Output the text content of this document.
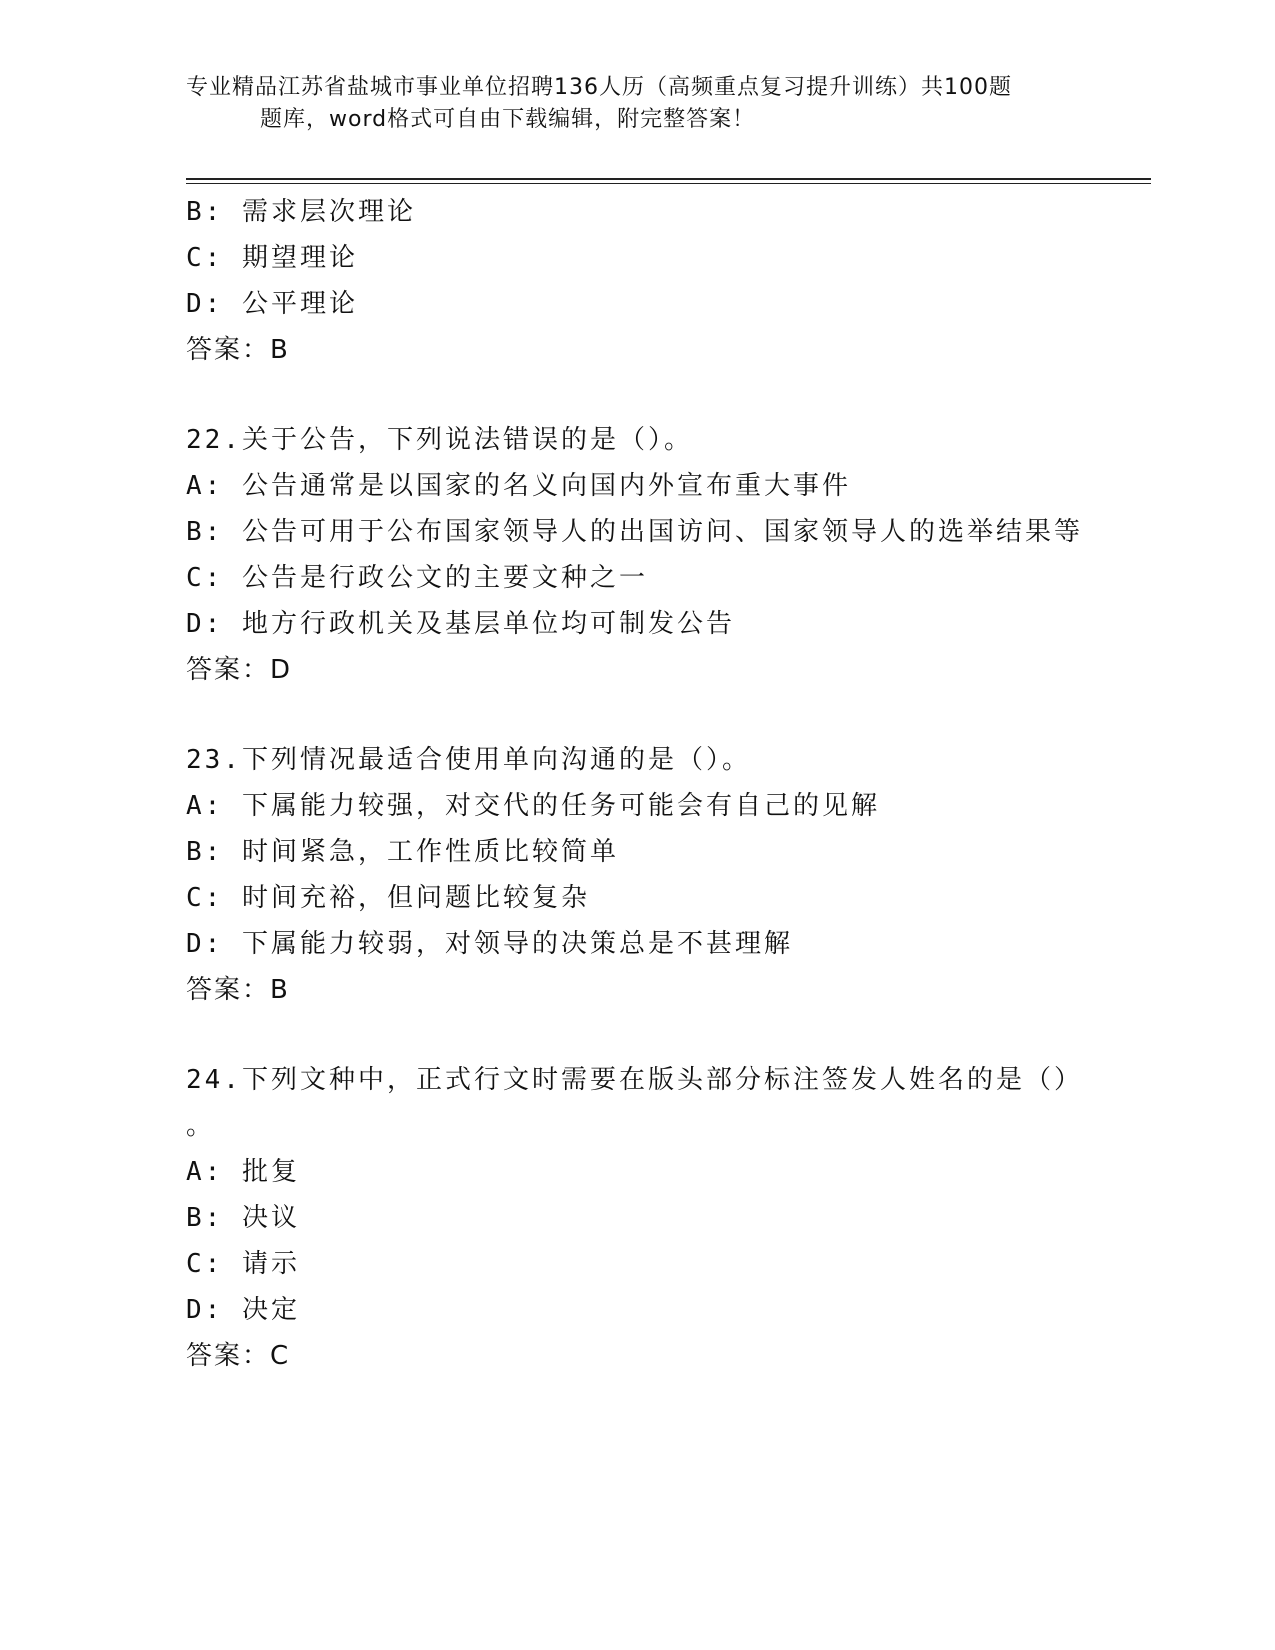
专业精品江苏省盐城市事业单位招聘136人历（高频重点复习提升训练）共100题
题库，word格式可自由下载编辑，附完整答案！
B: 需求层次理论
C: 期望理论
D: 公平理论
答案：B
22.关于公告，下列说法错误的是（）。
A: 公告通常是以国家的名义向国内外宣布重大事件
B: 公告可用于公布国家领导人的出国访问、国家领导人的选举结果等
C: 公告是行政公文的主要文种之一
D: 地方行政机关及基层单位均可制发公告
答案：D
23.下列情况最适合使用单向沟通的是（）。
A: 下属能力较强，对交代的任务可能会有自己的见解
B: 时间紧急，工作性质比较简单
C: 时间充裕，但问题比较复杂
D: 下属能力较弱，对领导的决策总是不甚理解
答案：B
24.下列文种中，正式行文时需要在版头部分标注签发人姓名的是（）
。
A: 批复
B: 决议
C: 请示
D: 决定
答案：C
